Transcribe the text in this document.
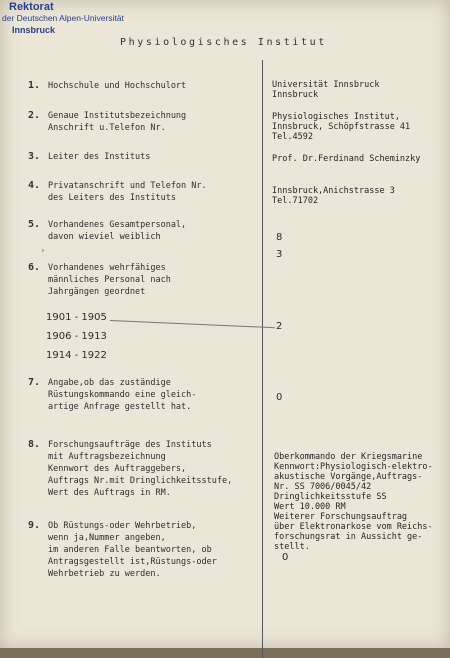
Rektorat
der Deutschen Alpen-Universität
Innsbruck
Physiologisches Institut
1. Hochschule und Hochschulort
2. Genaue Institutsbezeichnung
Anschrift u.Telefon Nr.
3. Leiter des Instituts
4. Privatanschrift und Telefon Nr.
des Leiters des Instituts
5. Vorhandenes Gesamtpersonal,
davon wieviel weiblich
›
6. Vorhandenes wehrfähiges
männliches Personal nach
Jahrgängen geordnet
1901 - 1905
1906 - 1913
1914 - 1922
7. Angabe,ob das zuständige
Rüstungskommando eine gleich-
artige Anfrage gestellt hat.
8. Forschungsaufträge des Instituts
mit Auftragsbezeichnung
Kennwort des Auftraggebers,
Auftrags Nr.mit Dringlichkeitsstufe,
Wert des Auftrags in RM.
9. Ob Rüstungs-oder Wehrbetrieb,
wenn ja,Nummer angeben,
im anderen Falle beantworten, ob
Antragsgestellt ist,Rüstungs-oder
Wehrbetrieb zu werden.
Universität Innsbruck
Innsbruck
Physiologisches Institut,
Innsbruck, Schöpfstrasse 41
Tel.4592
Prof. Dr.Ferdinand Scheminzky
Innsbruck,Anichstrasse 3
Tel.71702
8
3
2
0
Oberkommando der Kriegsmarine
Kennwort:Physiologisch-elektro-
akustische Vorgänge,Auftrags-
Nr. SS 7006/0045/42
Dringlichkeitsstufe SS
Wert 10.000 RM
Weiterer Forschungsauftrag
über Elektronarkose vom Reichs-
forschungsrat in Aussicht ge-
stellt.
0
